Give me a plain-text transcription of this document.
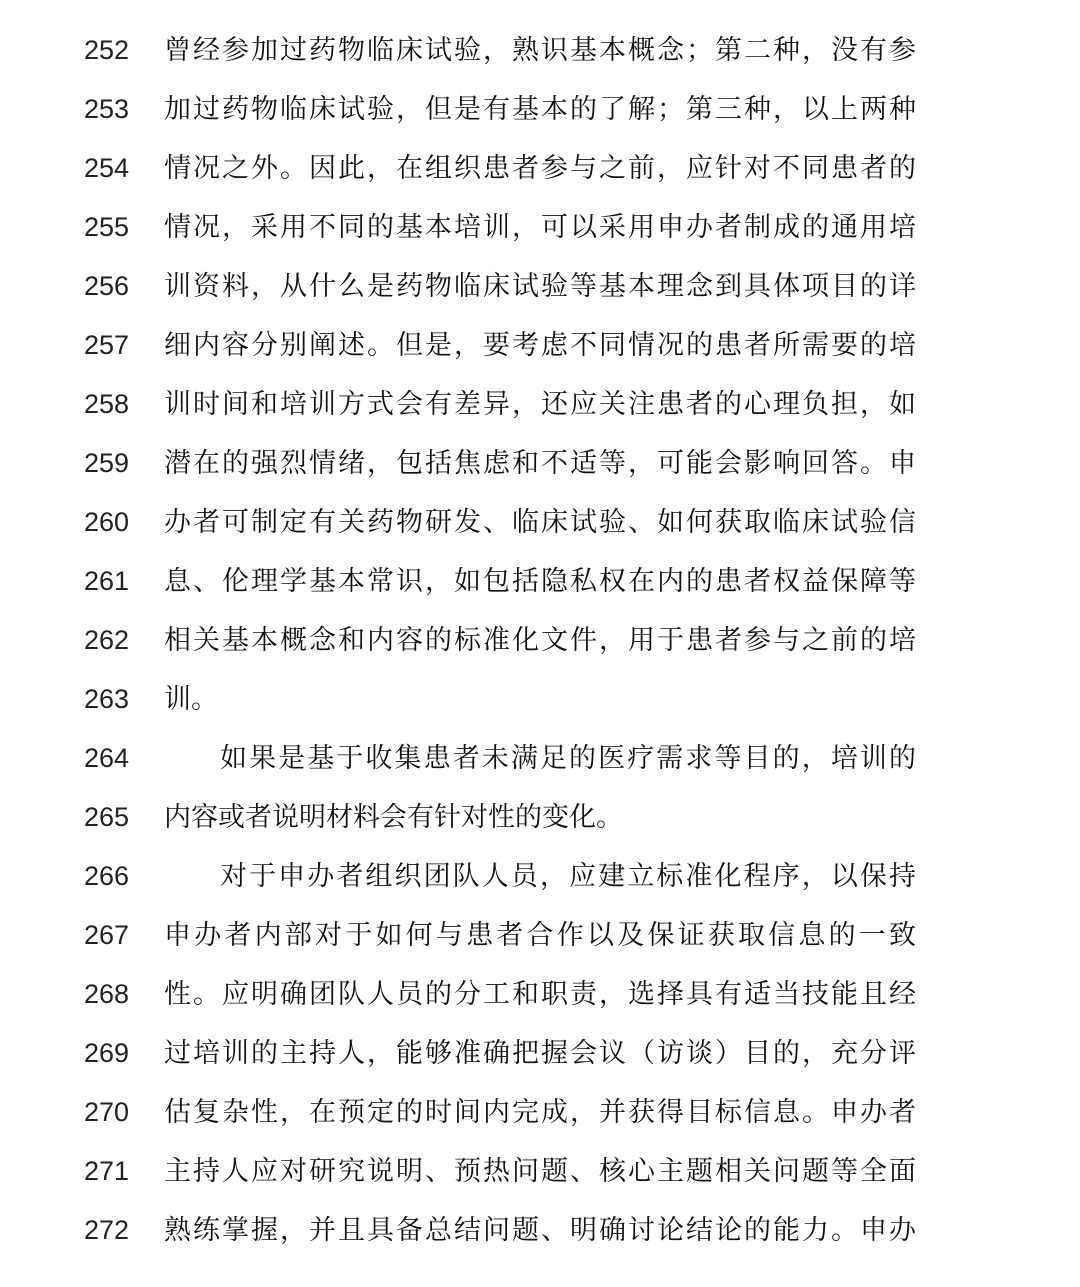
252	曾经参加过药物临床试验，熟识基本概念；第二种，没有参
253	加过药物临床试验，但是有基本的了解；第三种，以上两种
254	情况之外。因此，在组织患者参与之前，应针对不同患者的
255	情况，采用不同的基本培训，可以采用申办者制成的通用培
256	训资料，从什么是药物临床试验等基本理念到具体项目的详
257	细内容分别阐述。但是，要考虑不同情况的患者所需要的培
258	训时间和培训方式会有差异，还应关注患者的心理负担，如
259	潜在的强烈情绪，包括焦虑和不适等，可能会影响回答。申
260	办者可制定有关药物研发、临床试验、如何获取临床试验信
261	息、伦理学基本常识，如包括隐私权在内的患者权益保障等
262	相关基本概念和内容的标准化文件，用于患者参与之前的培
263	训。
264	如果是基于收集患者未满足的医疗需求等目的，培训的
265	内容或者说明材料会有针对性的变化。
266	对于申办者组织团队人员，应建立标准化程序，以保持
267	申办者内部对于如何与患者合作以及保证获取信息的一致
268	性。应明确团队人员的分工和职责，选择具有适当技能且经
269	过培训的主持人，能够准确把握会议（访谈）目的，充分评
270	估复杂性，在预定的时间内完成，并获得目标信息。申办者
271	主持人应对研究说明、预热问题、核心主题相关问题等全面
272	熟练掌握，并且具备总结问题、明确讨论结论的能力。申办
